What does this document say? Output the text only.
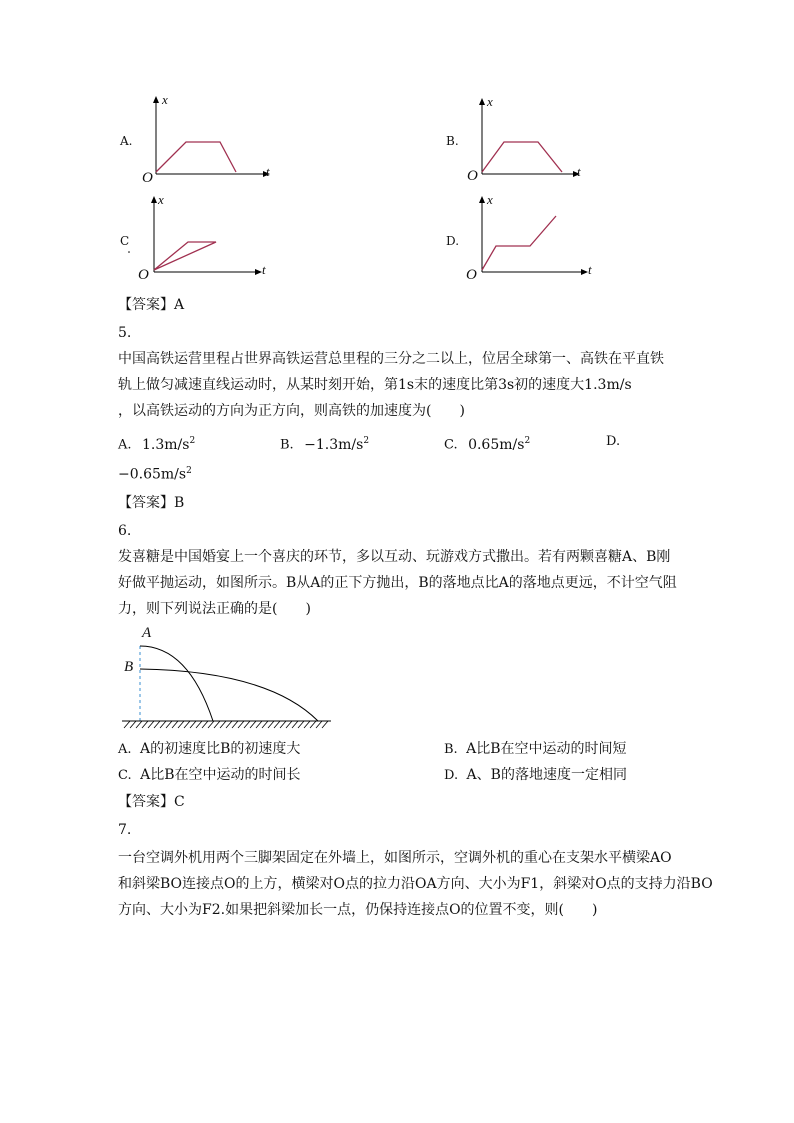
A.
x
t
O
B.
x
t
O
C
x
t
O
D.
x
t
O
【答案】A
5.
中国高铁运营里程占世界高铁运营总里程的三分之二以上，位居全球第一、高铁在平直铁
轨上做匀减速直线运动时，从某时刻开始，第1s末的速度比第3s初的速度大1.3m/s
，以高铁运动的方向为正方向，则高铁的加速度为(　　)
A. $1.3m/s^2$	B. $-1.3m/s^2$	C. $0.65m/s^2$	D.
$-0.65m/s^2$
【答案】B
6.
发喜糖是中国婚宴上一个喜庆的环节，多以互动、玩游戏方式撒出。若有两颗喜糖A、B刚
好做平抛运动，如图所示。B从A的正下方抛出，B的落地点比A的落地点更远，不计空气阻
力，则下列说法正确的是(　　)
A
B
A. A的初速度比B的初速度大	B. A比B在空中运动的时间短
C. A比B在空中运动的时间长	D. A、B的落地速度一定相同
【答案】C
7.
一台空调外机用两个三脚架固定在外墙上，如图所示，空调外机的重心在支架水平横梁AO
和斜梁BO连接点O的上方，横梁对O点的拉力沿OA方向、大小为F1，斜梁对O点的支持力沿BO
方向、大小为F2.如果把斜梁加长一点，仍保持连接点O的位置不变，则(　　)
